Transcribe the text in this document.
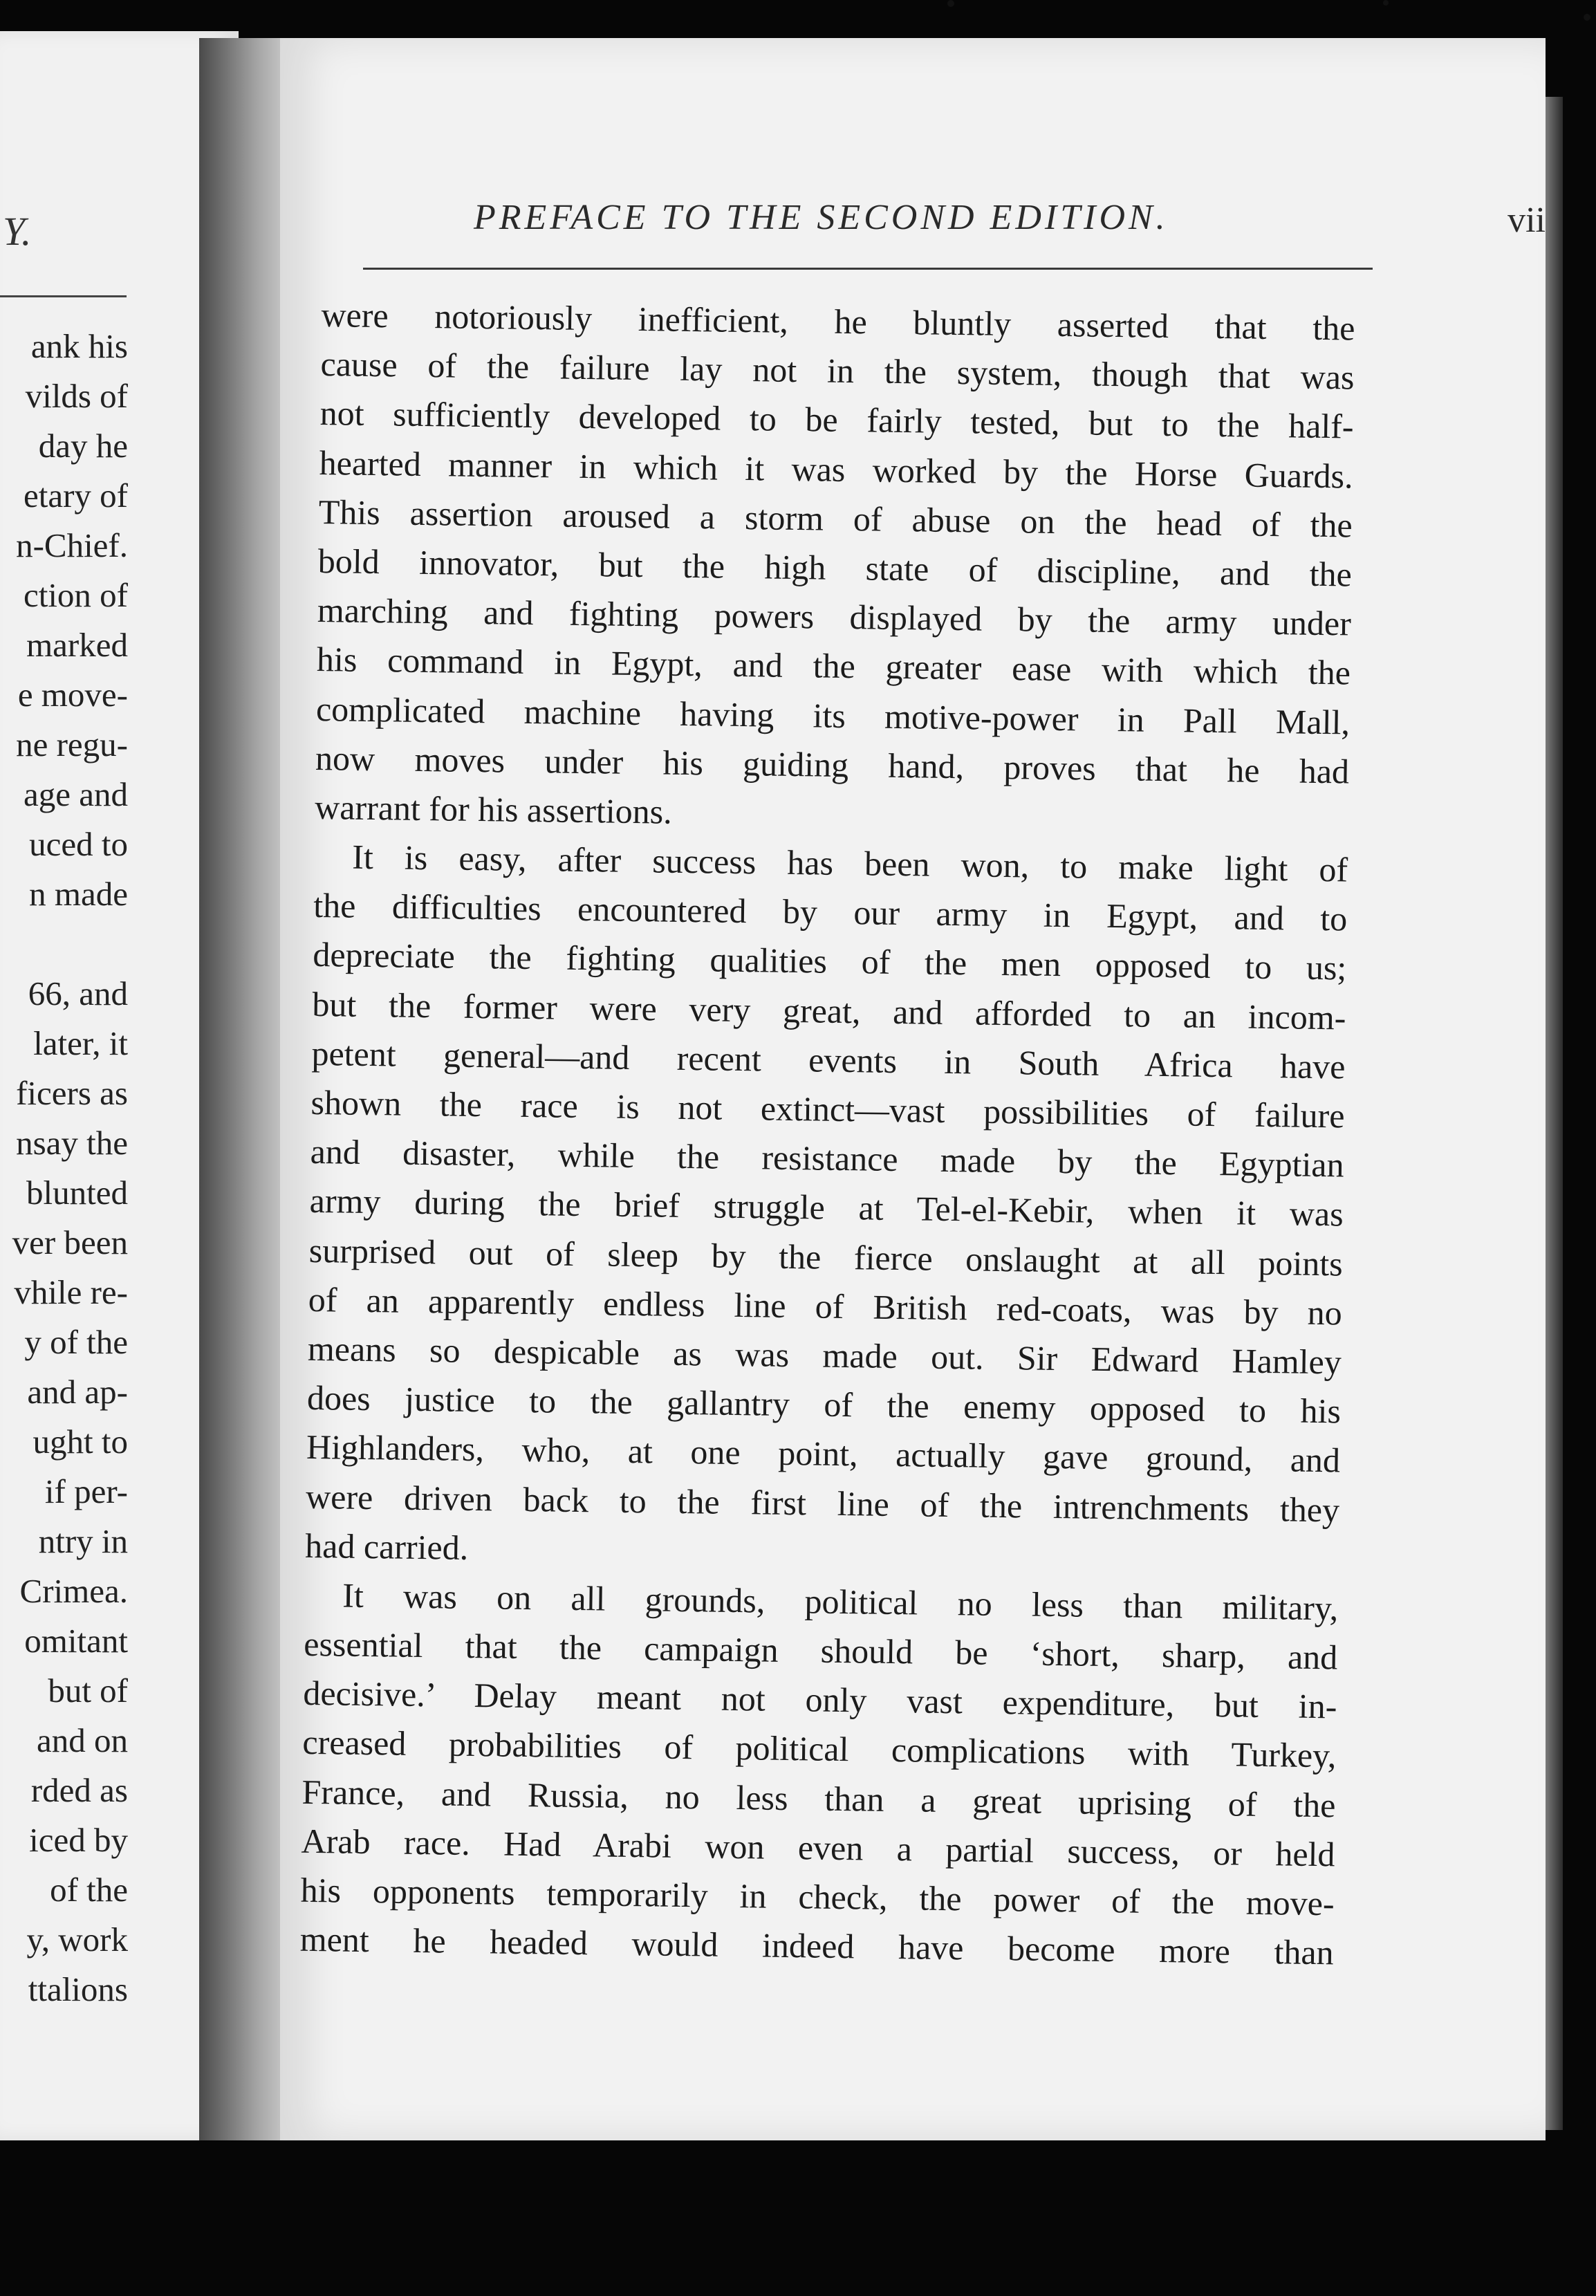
Y.
ank his
vilds of
day he
etary of
n-Chief.
ction of
marked
e move-
ne regu-
age and
uced to
n made
66, and
later, it
ficers as
nsay the
blunted
ver been
vhile re-
y of the
and ap-
ught to
if per-
ntry in
Crimea.
omitant
but of
and on
rded as
iced by
of the
y, work
ttalions
PREFACE TO THE SECOND EDITION.	vii
were notoriously inefficient, he bluntly asserted that the
cause of the failure lay not in the system, though that was
not sufficiently developed to be fairly tested, but to the half-
hearted manner in which it was worked by the Horse Guards.
This assertion aroused a storm of abuse on the head of the
bold innovator, but the high state of discipline, and the
marching and fighting powers displayed by the army under
his command in Egypt, and the greater ease with which the
complicated machine having its motive-power in Pall Mall,
now moves under his guiding hand, proves that he had
warrant for his assertions.
It is easy, after success has been won, to make light of
the difficulties encountered by our army in Egypt, and to
depreciate the fighting qualities of the men opposed to us;
but the former were very great, and afforded to an incom-
petent general—and recent events in South Africa have
shown the race is not extinct—vast possibilities of failure
and disaster, while the resistance made by the Egyptian
army during the brief struggle at Tel-el-Kebir, when it was
surprised out of sleep by the fierce onslaught at all points
of an apparently endless line of British red-coats, was by no
means so despicable as was made out. Sir Edward Hamley
does justice to the gallantry of the enemy opposed to his
Highlanders, who, at one point, actually gave ground, and
were driven back to the first line of the intrenchments they
had carried.
It was on all grounds, political no less than military,
essential that the campaign should be ‘short, sharp, and
decisive.’ Delay meant not only vast expenditure, but in-
creased probabilities of political complications with Turkey,
France, and Russia, no less than a great uprising of the
Arab race. Had Arabi won even a partial success, or held
his opponents temporarily in check, the power of the move-
ment he headed would indeed have become more than
